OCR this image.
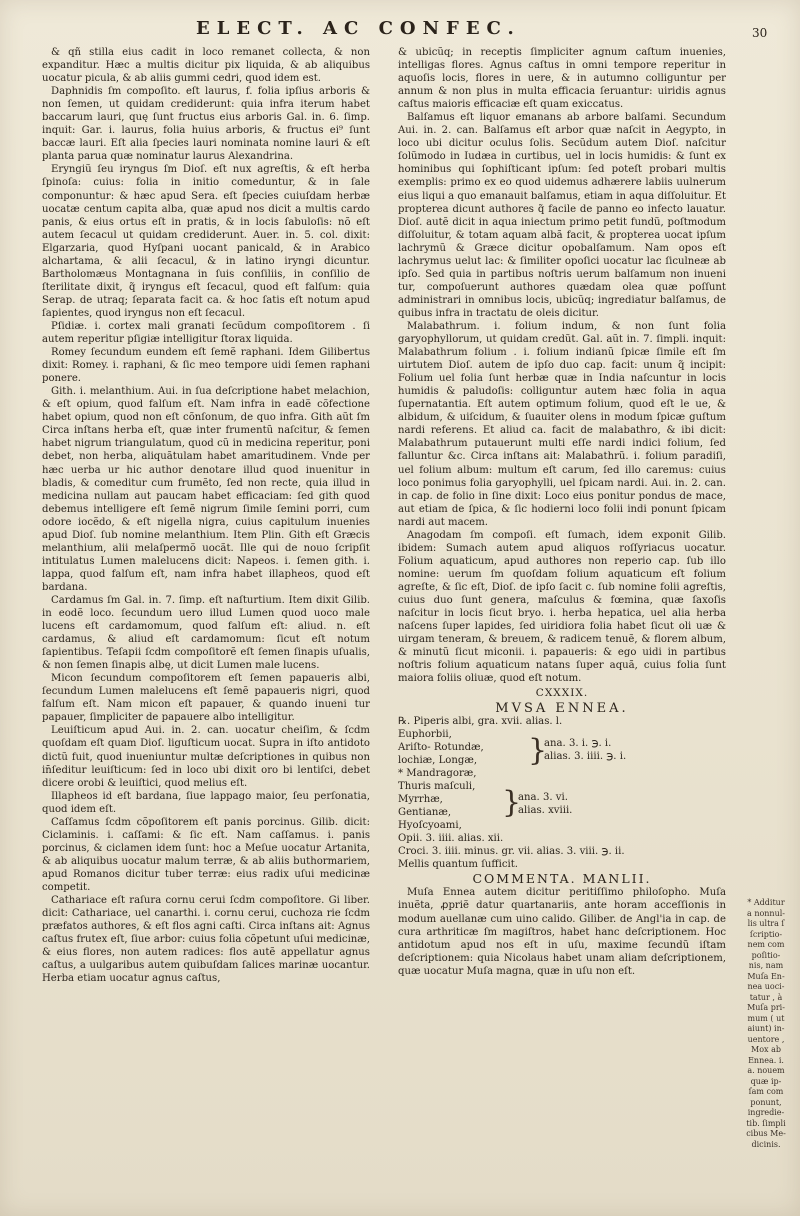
ELECT. AC CONFEC.	30

& qñ stilla eius cadit in loco remanet collecta, & non expanditur. Hæc a multis dicitur pix liquida, & ab aliquibus uocatur picula, & ab aliis gummi cedri, quod idem est.

Daphnidis ſm compoſito. eſt laurus, f. folia ipſius arboris & non ſemen, ut quidam crediderunt: quia infra iterum habet baccarum lauri, quę ſunt fructus eius arboris Gal. in. 6. ſimp. inquit: Gar. i. laurus, folia huius arboris, & fructus ei⁹ ſunt baccæ lauri. Eſt alia ſpecies lauri nominata nomine lauri & eſt planta parua quæ nominatur laurus Alexandrina.

Eryngiũ ſeu iryngus ſm Dioſ. eſt nux agreſtis, & eſt herba ſpinoſa: cuius: folia in initio comeduntur, & in ſale componuntur: & hæc apud Sera. eſt ſpecies cuiuſdam herbæ uocatæ centum capita alba, quæ apud nos dicit a multis cardo panis, & eius ortus eſt in pratis, & in locis ſabuloſis: nõ eſt autem ſecacul ut quidam crediderunt. Auer. in. 5. col. dixit: Elgarzaria, quod Hyſpani uocant panicald, & in Arabico alchartama, & alii ſecacul, & in latino iryngi dicuntur. Bartholomæus Montagnana in ſuis conſiliis, in conſilio de ſterilitate dixit, q̃ iryngus eſt ſecacul, quod eſt falſum: quia Serap. de utraq; ſeparata facit ca. & hoc ſatis eſt notum apud ſapientes, quod iryngus non eſt ſecacul.

Pſidiæ. i. cortex mali granati ſecũdum compoſitorem . ſi autem reperitur pſigiæ intelligitur ſtorax liquida.

Romey ſecundum eundem eſt ſemẽ raphani. Idem Gilibertus dixit: Romey. i. raphani, & ſic meo tempore uidi ſemen raphani ponere.

Gith. i. melanthium. Aui. in ſua deſcriptione habet melachion, & eſt opium, quod falſum eſt. Nam infra in eadẽ cõfectione habet opium, quod non eſt cõnſonum, de quo infra. Gith aũt ſm Circa inſtans herba eſt, quæ inter frumentũ naſcitur, & ſemen habet nigrum triangulatum, quod cũ in medicina reperitur, poni debet, non herba, aliquãtulam habet amaritudinem. Vnde per hæc uerba ur hic author denotare illud quod inuenitur in bladis, & comeditur cum frumẽto, ſed non recte, quia illud in medicina nullam aut paucam habet efficaciam: ſed gith quod debemus intelligere eſt ſemẽ nigrum ſimile ſemini porri, cum odore iocẽdo, & eſt nigella nigra, cuius capitulum inuenies apud Dioſ. ſub nomine melanthium. Item Plin. Gith eſt Græcis melanthium, alii melaſpermõ uocãt. Ille qui de nouo ſcripſit intitulatus Lumen malelucens dicit: Napeos. i. ſemen gith. i. lappa, quod falſum eſt, nam infra habet illapheos, quod eſt bardana.

Cardamus ſm Gal. in. 7. ſimp. eſt naſturtium. Item dixit Gilib. in eodẽ loco. ſecundum uero illud Lumen quod uoco male lucens eſt cardamomum, quod falſum eſt: aliud. n. eſt cardamus, & aliud eſt cardamomum: ſicut eſt notum ſapientibus. Teſapii ſcdm compoſitorẽ eſt ſemen ſinapis uſualis, & non ſemen ſinapis albę, ut dicit Lumen male lucens.

Micon ſecundum compoſitorem eſt ſemen papaueris albi, ſecundum Lumen malelucens eſt ſemẽ papaueris nigri, quod falſum eſt. Nam micon eſt papauer, & quando inueni tur papauer, ſimpliciter de papauere albo intelligitur.

Leuiſticum apud Aui. in. 2. can. uocatur cheiſim, & ſcdm quoſdam eſt quam Dioſ. liguſticum uocat. Supra in iſto antidoto dictũ fuit, quod inueniuntur multæ deſcriptiones in quibus non in̄ſeditur leuiſticum: ſed in loco ubi dixit oro bi lentiſci, debet dicere orobi & leuiſtici, quod melius eſt.

Illapheos id eſt bardana, ſiue lappago maior, ſeu perſonatia, quod idem eſt.

Caſſamus ſcdm cõpoſitorem eſt panis porcinus. Gilib. dicit: Ciclaminis. i. caſſami: & ſic eſt. Nam caſſamus. i. panis porcinus, & ciclamen idem ſunt: hoc a Meſue uocatur Artanita, & ab aliquibus uocatur malum terræ, & ab aliis buthormariem, apud Romanos dicitur tuber terræ: eius radix uſui medicinæ competit.

Cathariace eſt raſura cornu cerui ſcdm compoſitore. Gi liber. dicit: Cathariace, uel canarthi. i. cornu cerui, cuchoza rie ſcdm præfatos authores, & eſt flos agni caſti. Circa inſtans ait: Agnus caſtus frutex eſt, ſiue arbor: cuius folia cõpetunt uſui medicinæ, & eius flores, non autem radices: flos autẽ appellatur agnus caſtus, a uulgaribus autem quibuſdam ſalices marinæ uocantur. Herba etiam uocatur agnus caſtus,

& ubicũq; in receptis ſimpliciter agnum caſtum inuenies, intelligas flores. Agnus caſtus in omni tempore reperitur in aquoſis locis, flores in uere, & in autumno colliguntur per annum & non plus in multa efficacia ſeruantur: uiridis agnus caſtus maioris efficaciæ eſt quam exiccatus.

Balſamus eſt liquor emanans ab arbore balſami. Secundum Aui. in. 2. can. Balſamus eſt arbor quæ naſcit in Aegypto, in loco ubi dicitur oculus ſolis. Secũdum autem Dioſ. naſcitur ſolũmodo in Iudæa in curtibus, uel in locis humidis: & ſunt ex hominibus qui ſophiſticant ipſum: ſed poteſt probari multis exemplis: primo ex eo quod uidemus adhærere labiis uulnerum eius liqui a quo emanauit balſamus, etiam in aqua diſſoluitur. Et propterea dicunt authores q̃ facile de panno eo infecto lauatur. Dioſ. autẽ dicit in aqua iniectum primo petit fundũ, poſtmodum diſſoluitur, & totam aquam albã facit, & propterea uocat ipſum lachrymũ & Græce dicitur opobalſamum. Nam opos eſt lachrymus uelut lac: & ſimiliter opoſici uocatur lac ſiculneæ ab ipſo. Sed quia in partibus noſtris uerum balſamum non inueni tur, compoſuerunt authores quædam olea quæ poſſunt administrari in omnibus locis, ubicũq; ingrediatur balſamus, de quibus infra in tractatu de oleis dicitur.

Malabathrum. i. folium indum, & non ſunt folia garyophyllorum, ut quidam credũt. Gal. aũt in. 7. ſimpli. inquit: Malabathrum folium . i. folium indianũ ſpicæ ſimile eſt ſm uirtutem Dioſ. autem de ipſo duo cap. facit: unum q̃ incipit: Folium uel folia ſunt herbæ quæ in India naſcuntur in locis humidis & paludoſis: colliguntur autem hæc folia in aqua ſupernatantia. Eſt autem optimum folium, quod eſt le ue, & albidum, & uiſcidum, & ſuauiter olens in modum ſpicæ guſtum nardi referens. Et aliud ca. facit de malabathro, & ibi dicit: Malabathrum putauerunt multi eſſe nardi indici folium, ſed falluntur &c. Circa inſtans ait: Malabathrũ. i. folium paradiſi, uel folium album: multum eſt carum, ſed illo caremus: cuius loco ponimus folia garyophylli, uel ſpicam nardi. Aui. in. 2. can. in cap. de folio in ſine dixit: Loco eius ponitur pondus de mace, aut etiam de ſpica, & ſic hodierni loco folii indi ponunt ſpicam nardi aut macem.

Anagodam ſm compoſi. eſt ſumach, idem exponit Gilib. ibidem: Sumach autem apud aliquos roſſyriacus uocatur. Folium aquaticum, apud authores non reperio cap. ſub illo nomine: uerum ſm quoſdam folium aquaticum eſt folium agreſte, & ſic eſt, Dioſ. de ipſo ſacit c. ſub nomine folii agreſtis, cuius duo ſunt genera, maſculus & fœmina, quæ ſaxoſis naſcitur in locis ſicut bryo. i. herba hepatica, uel alia herba naſcens ſuper lapides, ſed uiridiora folia habet ſicut oli uæ & uirgam teneram, & breuem, & radicem tenuẽ, & florem album, & minutũ ſicut miconii. i. papaueris: & ego uidi in partibus noſtris folium aquaticum natans ſuper aquã, cuius folia ſunt maiora foliis oliuæ, quod eſt notum.

CXXXIX.

MVSA ENNEA.

℞. Piperis albi, gra. xvii. alias. l.
Euphorbii,
Ariſto- Rotundæ,
lochiæ, Longæ,
* Mandragoræ,
Thuris maſculi,
Myrrhæ,
Gentianæ,
Hyoſcyoami,
Opii. 3. iiii. alias. xii.
Croci. 3. iiii. minus. gr. vii. alias. 3. viii. ℈. ii.
Mellis quantum ſufficit.
}
ana. 3. i. ℈. i.
alias. 3. iiii. ℈. i.
}
ana. 3. vi.
alias. xviii.

COMMENTA. MANLII.

Muſa Ennea autem dicitur peritiſſimo philoſopho. Muſa inuẽta, ꝓpriẽ datur quartanariis, ante horam acceſſionis in modum auellanæ cum uino calido. Giliber. de Angl'ia in cap. de cura arthriticæ ſm magiſtros, habet hanc deſcriptionem. Hoc antidotum apud nos eſt in uſu, maxime ſecundũ iſtam deſcriptionem: quia Nicolaus habet unam aliam deſcriptionem, quæ uocatur Muſa magna, quæ in uſu non eſt.

* Additur

a nonnul-

lis ultra ſ

ſcriptio-

nem com

poſitio-

nis, nam

Muſa En-

nea uoci-

tatur , à

Muſa pri-

mum ( ut

aiunt) in-

uentore ,

Mox ab

Ennea. i.

a. nouem

quæ ip-

ſam com

ponunt,

ingredie-

tib. ſimpli

cibus Me-

dicinis.
